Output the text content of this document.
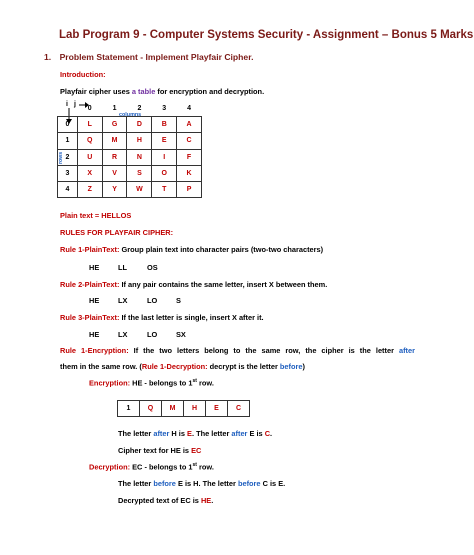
Lab Program 9 - Computer Systems Security - Assignment – Bonus 5 Marks
1. Problem Statement - Implement Playfair Cipher.
Introduction:
Playfair cipher uses a table for encryption and decryption.
i j
columns
	0	1	2	3	4
0	L	G	D	B	A
1	Q	M	H	E	C
2	U	R	N	I	F
3	X	V	S	O	K
4	Z	Y	W	T	P
rows
Plain text = HELLOS
RULES FOR PLAYFAIR CIPHER:
Rule 1-PlainText: Group plain text into character pairs (two-two characters)
HE	LL	OS
Rule 2-PlainText: If any pair contains the same letter, insert X between them.
HE	LX	LO	S
Rule 3-PlainText: If the last letter is single, insert X after it.
HE	LX	LO	SX
Rule 1-Encryption: If the two letters belong to the same row, the cipher is the letter after
them in the same row. (Rule 1-Decryption: decrypt is the letter before)
Encryption: HE - belongs to 1st row.
1	Q	M	H	E	C
The letter after H is E. The letter after E is C.
Cipher text for HE is EC
Decryption: EC - belongs to 1st row.
The letter before E is H. The letter before C is E.
Decrypted text of EC is HE.
